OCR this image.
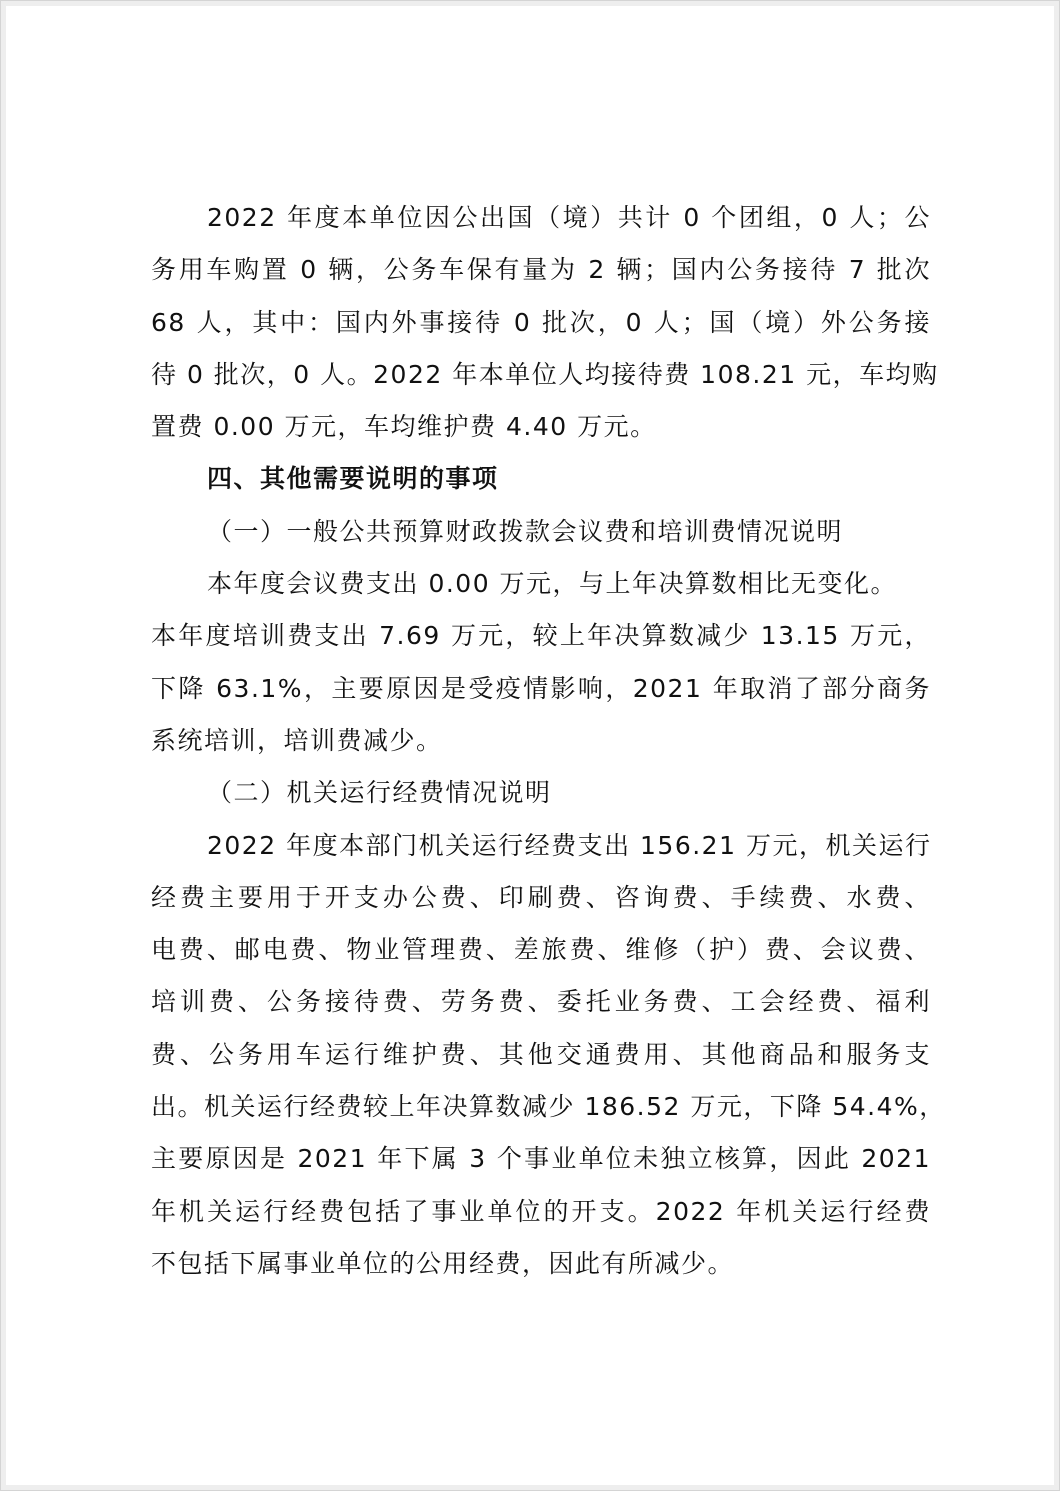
2022 年度本单位因公出国（境）共计 0 个团组，0 人；公
务用车购置 0 辆，公务车保有量为 2 辆；国内公务接待 7 批次
68 人，其中：国内外事接待 0 批次，0 人；国（境）外公务接
待 0 批次，0 人。2022 年本单位人均接待费 108.21 元，车均购
置费 0.00 万元，车均维护费 4.40 万元。
四、其他需要说明的事项
（一）一般公共预算财政拨款会议费和培训费情况说明
本年度会议费支出 0.00 万元，与上年决算数相比无变化。
本年度培训费支出 7.69 万元，较上年决算数减少 13.15 万元，
下降 63.1%，主要原因是受疫情影响，2021 年取消了部分商务
系统培训，培训费减少。
（二）机关运行经费情况说明
2022 年度本部门机关运行经费支出 156.21 万元，机关运行
经费主要用于开支办公费、印刷费、咨询费、手续费、水费、
电费、邮电费、物业管理费、差旅费、维修（护）费、会议费、
培训费、公务接待费、劳务费、委托业务费、工会经费、福利
费、公务用车运行维护费、其他交通费用、其他商品和服务支
出。机关运行经费较上年决算数减少 186.52 万元，下降 54.4%，
主要原因是 2021 年下属 3 个事业单位未独立核算，因此 2021
年机关运行经费包括了事业单位的开支。2022 年机关运行经费
不包括下属事业单位的公用经费，因此有所减少。
